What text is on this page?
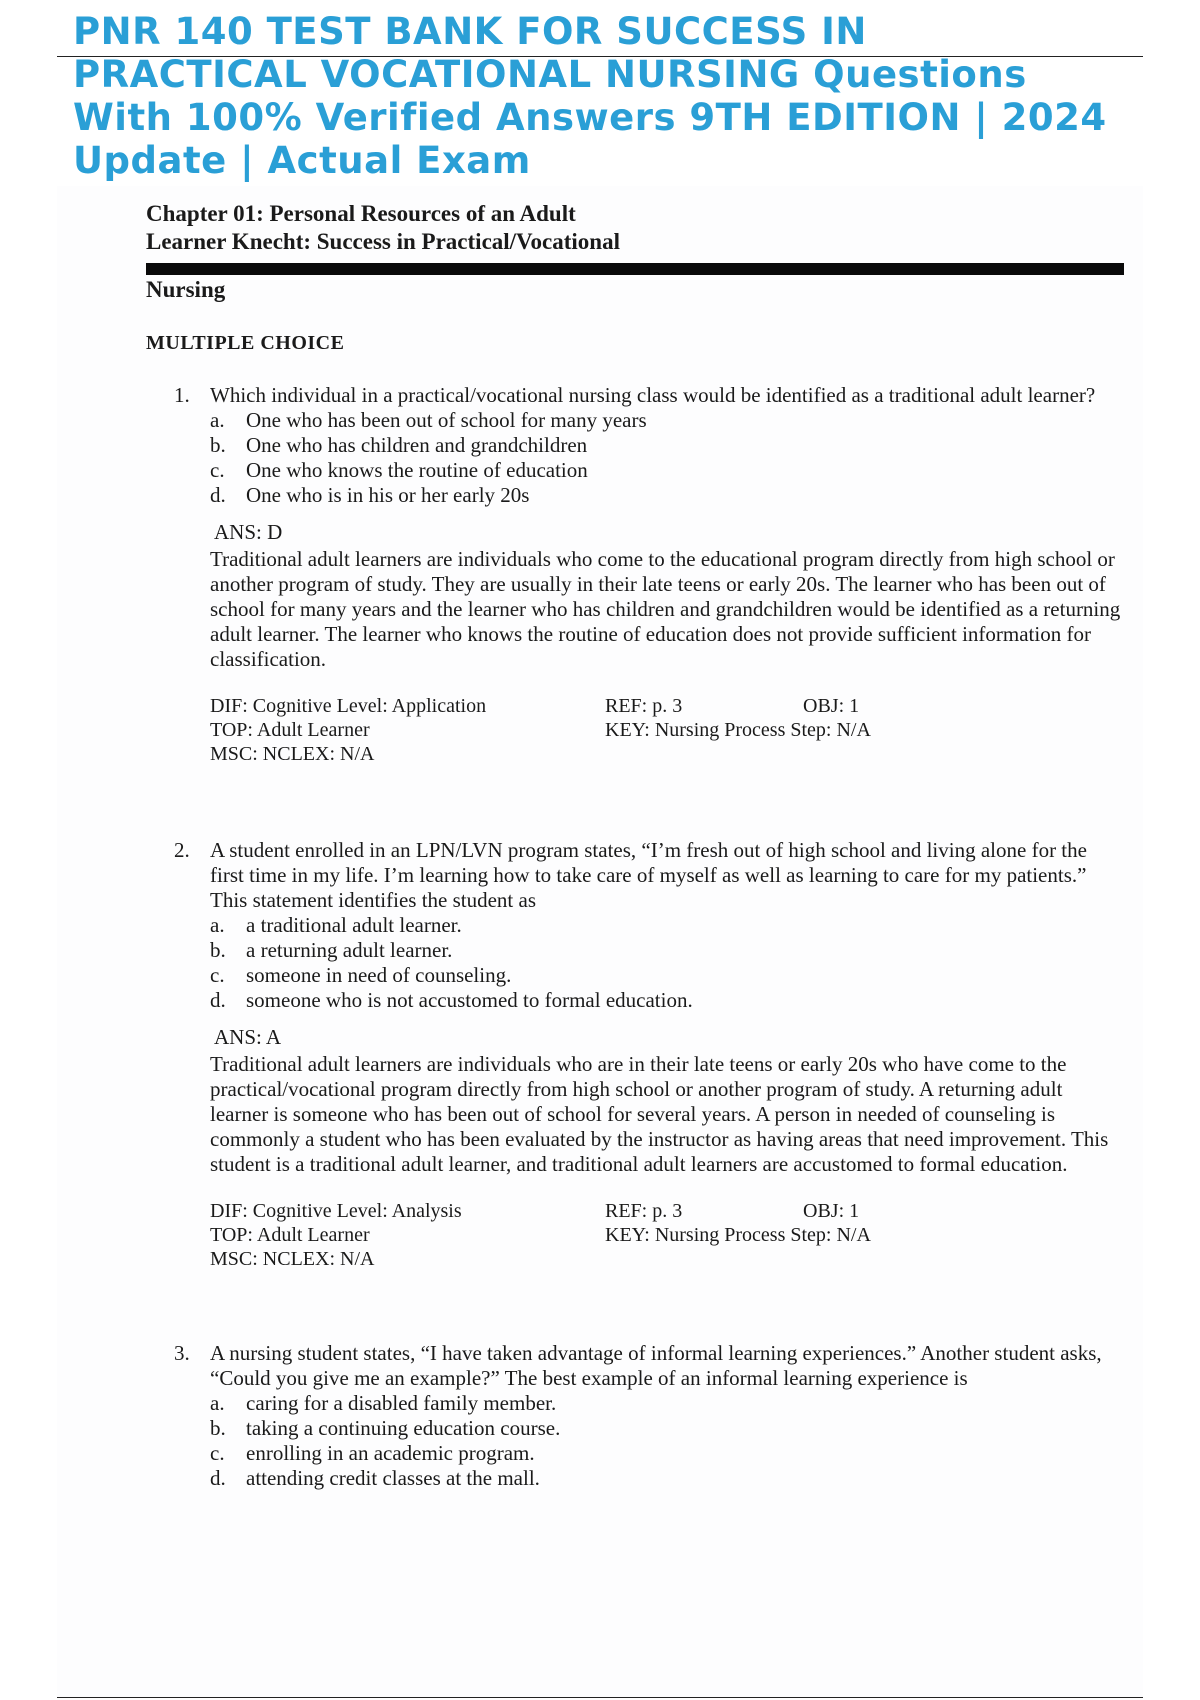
PNR 140 TEST BANK FOR SUCCESS IN
PRACTICAL VOCATIONAL NURSING Questions
With 100% Verified Answers 9TH EDITION | 2024
Update | Actual Exam
Chapter 01: Personal Resources of an Adult
Learner Knecht: Success in Practical/Vocational
Nursing
MULTIPLE CHOICE
1. Which individual in a practical/vocational nursing class would be identified as a traditional adult learner?
a.	One who has been out of school for many years
b. One who has children and grandchildren
c.	One who knows the routine of education
d. One who is in his or her early 20s
ANS: D
Traditional adult learners are individuals who come to the educational program directly from high school or another program of study. They are usually in their late teens or early 20s. The learner who has been out of school for many years and the learner who has children and grandchildren would be identified as a returning adult learner. The learner who knows the routine of education does not provide sufficient information for classification.
DIF: Cognitive Level: Application	REF: p. 3	OBJ: 1
TOP: Adult Learner	KEY: Nursing Process Step: N/A
MSC: NCLEX: N/A
2. A student enrolled in an LPN/LVN program states, “I’m fresh out of high school and living alone for the first time in my life. I’m learning how to take care of myself as well as learning to care for my patients.” This statement identifies the student as
a.	a traditional adult learner.
b. a returning adult learner.
c.	someone in need of counseling.
d. someone who is not accustomed to formal education.
ANS: A
Traditional adult learners are individuals who are in their late teens or early 20s who have come to the practical/vocational program directly from high school or another program of study. A returning adult learner is someone who has been out of school for several years. A person in needed of counseling is commonly a student who has been evaluated by the instructor as having areas that need improvement. This student is a traditional adult learner, and traditional adult learners are accustomed to formal education.
DIF: Cognitive Level: Analysis	REF: p. 3	OBJ: 1
TOP: Adult Learner	KEY: Nursing Process Step: N/A
MSC: NCLEX: N/A
3. A nursing student states, “I have taken advantage of informal learning experiences.” Another student asks, “Could you give me an example?” The best example of an informal learning experience is
a.	caring for a disabled family member.
b. taking a continuing education course.
c.	enrolling in an academic program.
d. attending credit classes at the mall.
